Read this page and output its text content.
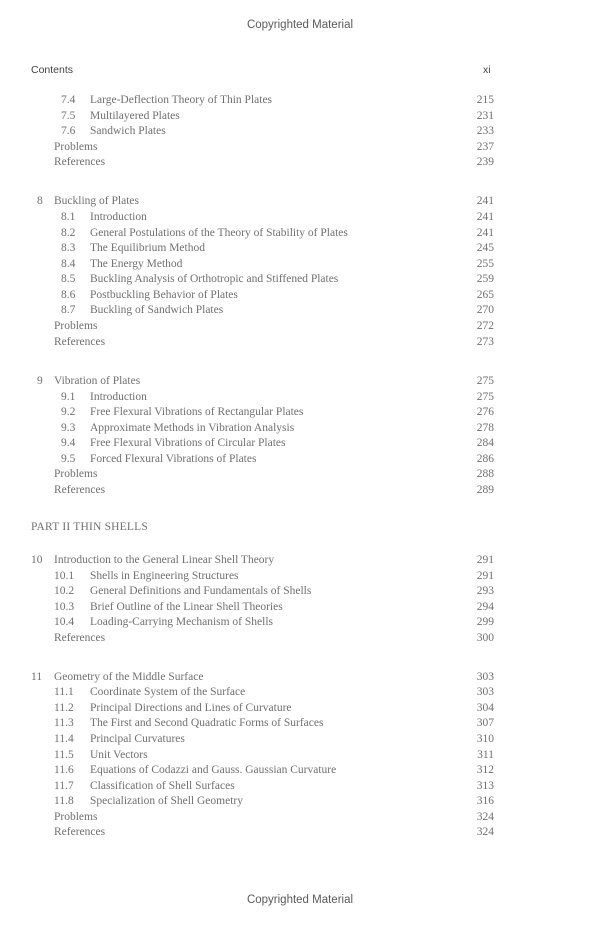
Copyrighted Material
Contents	xi
7.4 Large-Deflection Theory of Thin Plates	215
7.5 Multilayered Plates	231
7.6 Sandwich Plates	233
Problems	237
References	239
8 Buckling of Plates	241
8.1 Introduction	241
8.2 General Postulations of the Theory of Stability of Plates	241
8.3 The Equilibrium Method	245
8.4 The Energy Method	255
8.5 Buckling Analysis of Orthotropic and Stiffened Plates	259
8.6 Postbuckling Behavior of Plates	265
8.7 Buckling of Sandwich Plates	270
Problems	272
References	273
9 Vibration of Plates	275
9.1 Introduction	275
9.2 Free Flexural Vibrations of Rectangular Plates	276
9.3 Approximate Methods in Vibration Analysis	278
9.4 Free Flexural Vibrations of Circular Plates	284
9.5 Forced Flexural Vibrations of Plates	286
Problems	288
References	289
10 Introduction to the General Linear Shell Theory	291
10.1 Shells in Engineering Structures	291
10.2 General Definitions and Fundamentals of Shells	293
10.3 Brief Outline of the Linear Shell Theories	294
10.4 Loading-Carrying Mechanism of Shells	299
References	300
11 Geometry of the Middle Surface	303
11.1 Coordinate System of the Surface	303
11.2 Principal Directions and Lines of Curvature	304
11.3 The First and Second Quadratic Forms of Surfaces	307
11.4 Principal Curvatures	310
11.5 Unit Vectors	311
11.6 Equations of Codazzi and Gauss. Gaussian Curvature	312
11.7 Classification of Shell Surfaces	313
11.8 Specialization of Shell Geometry	316
Problems	324
References	324
PART II THIN SHELLS
Copyrighted Material
